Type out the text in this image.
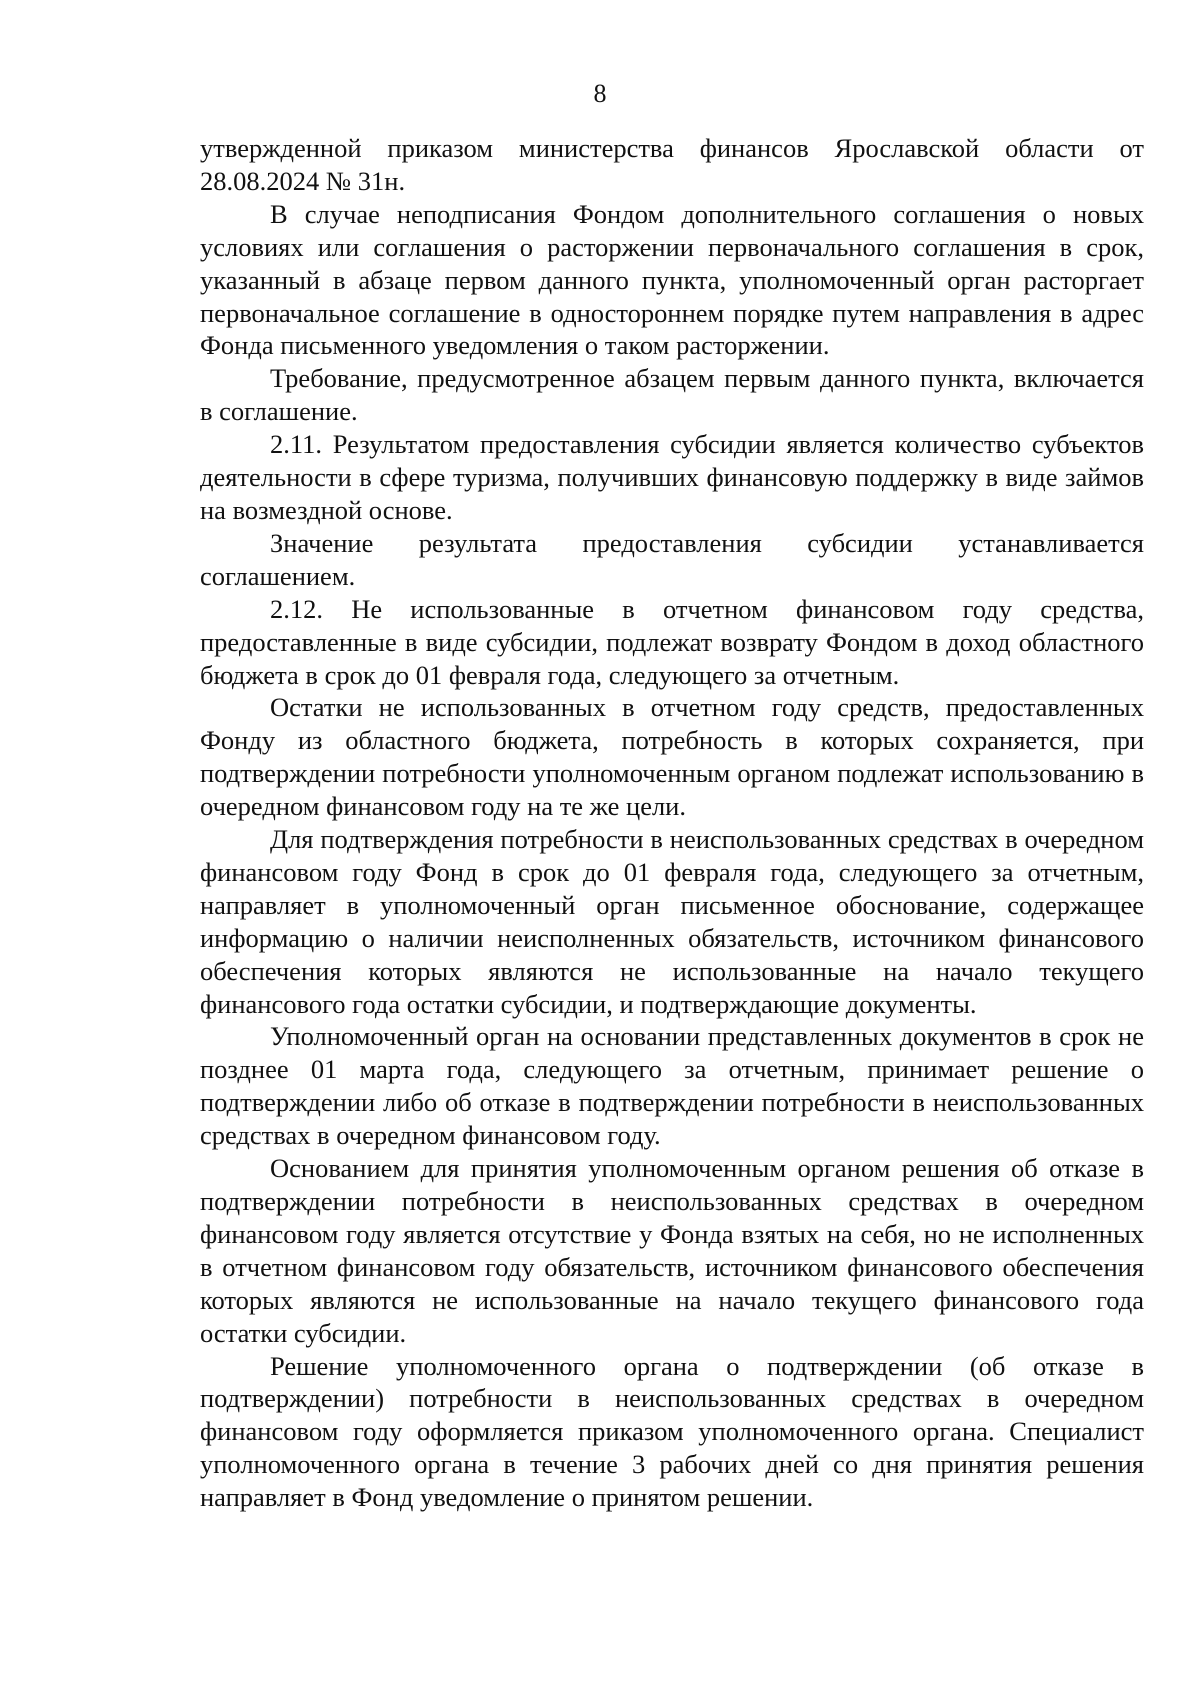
8

утвержденной приказом министерства финансов Ярославской области от 28.08.2024 № 31н.

В случае неподписания Фондом дополнительного соглашения о новых условиях или соглашения о расторжении первоначального соглашения в срок, указанный в абзаце первом данного пункта, уполномоченный орган расторгает первоначальное соглашение в одностороннем порядке путем направления в адрес Фонда письменного уведомления о таком расторжении.

Требование, предусмотренное абзацем первым данного пункта, включается в соглашение.

2.11. Результатом предоставления субсидии является количество субъектов деятельности в сфере туризма, получивших финансовую поддержку в виде займов на возмездной основе.

Значение результата предоставления субсидии устанавливается соглашением.

2.12. Не использованные в отчетном финансовом году средства, предоставленные в виде субсидии, подлежат возврату Фондом в доход областного бюджета в срок до 01 февраля года, следующего за отчетным.

Остатки не использованных в отчетном году средств, предоставленных Фонду из областного бюджета, потребность в которых сохраняется, при подтверждении потребности уполномоченным органом подлежат использованию в очередном финансовом году на те же цели.

Для подтверждения потребности в неиспользованных средствах в очередном финансовом году Фонд в срок до 01 февраля года, следующего за отчетным, направляет в уполномоченный орган письменное обоснование, содержащее информацию о наличии неисполненных обязательств, источником финансового обеспечения которых являются не использованные на начало текущего финансового года остатки субсидии, и подтверждающие документы.

Уполномоченный орган на основании представленных документов в срок не позднее 01 марта года, следующего за отчетным, принимает решение о подтверждении либо об отказе в подтверждении потребности в неиспользованных средствах в очередном финансовом году.

Основанием для принятия уполномоченным органом решения об отказе в подтверждении потребности в неиспользованных средствах в очередном финансовом году является отсутствие у Фонда взятых на себя, но не исполненных в отчетном финансовом году обязательств, источником финансового обеспечения которых являются не использованные на начало текущего финансового года остатки субсидии.

Решение уполномоченного органа о подтверждении (об отказе в подтверждении) потребности в неиспользованных средствах в очередном финансовом году оформляется приказом уполномоченного органа. Специалист уполномоченного органа в течение 3 рабочих дней со дня принятия решения направляет в Фонд уведомление о принятом решении.
